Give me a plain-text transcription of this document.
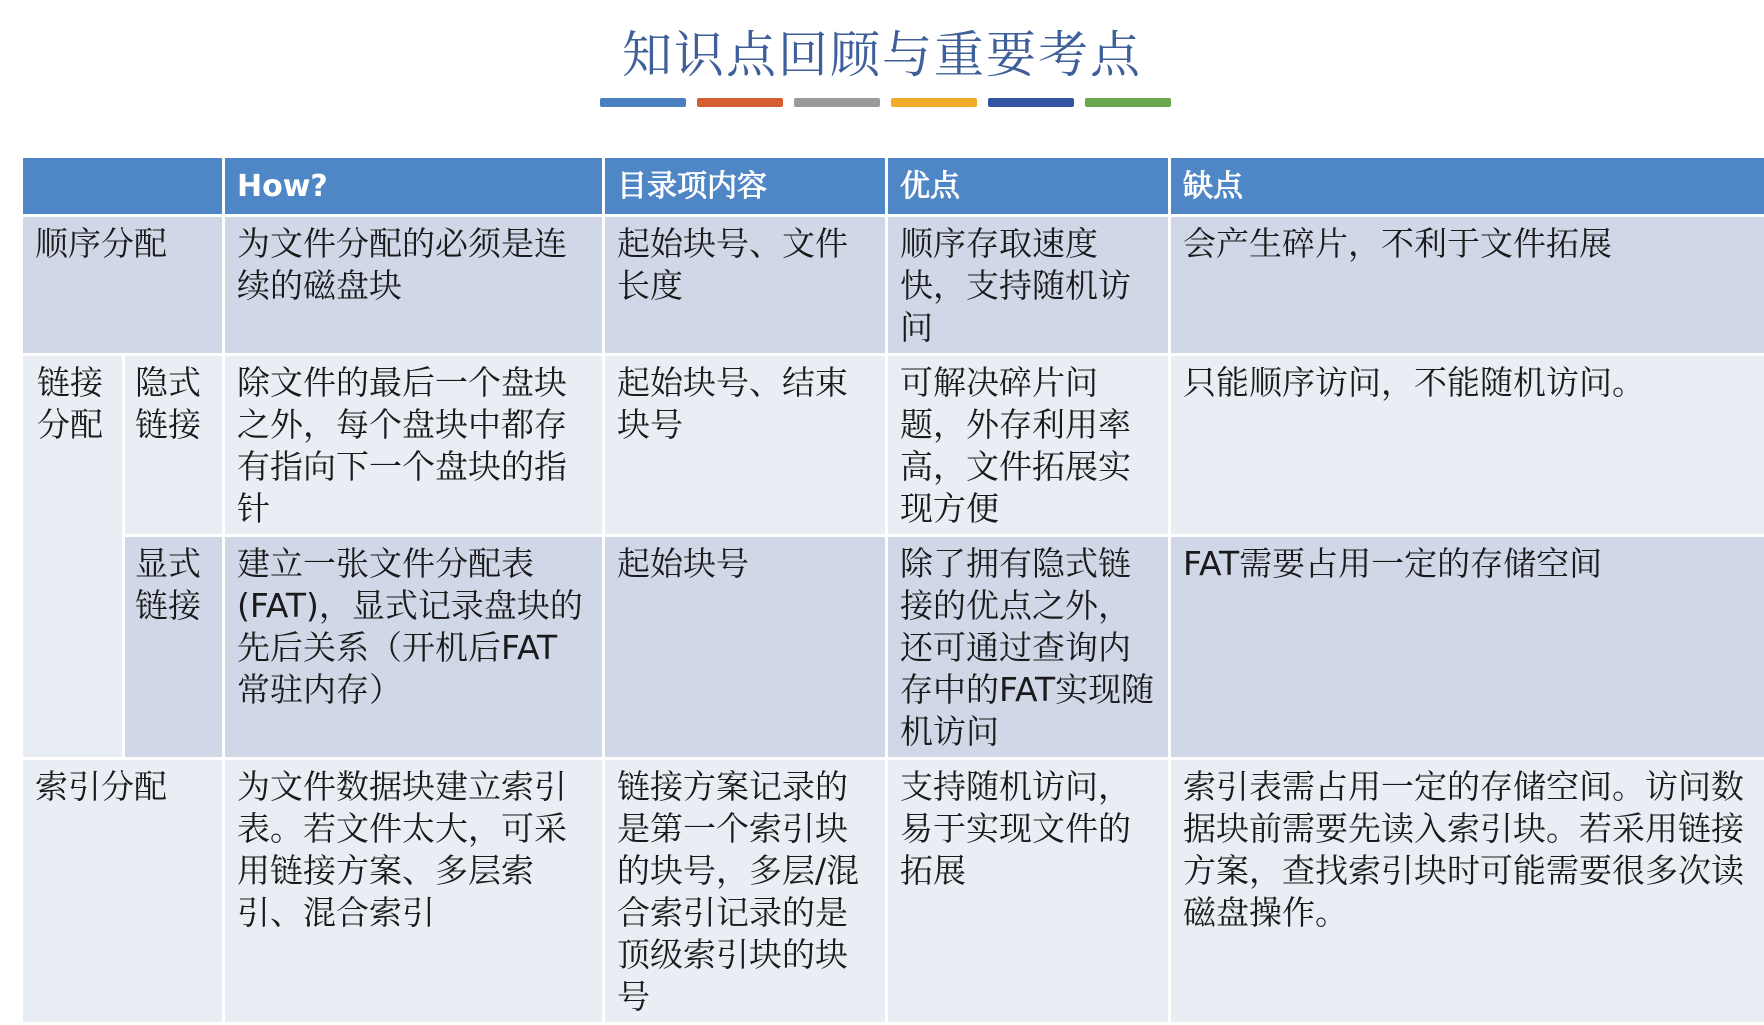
知识点回顾与重要考点
		How?	目录项内容	优点	缺点
顺序分配		为文件分配的必须是连续的磁盘块	起始块号、文件长度	顺序存取速度快，支持随机访问	会产生碎片，不利于文件拓展
链接分配	隐式链接	除文件的最后一个盘块之外，每个盘块中都存有指向下一个盘块的指针	起始块号、结束块号	可解决碎片问题，外存利用率高，文件拓展实现方便	只能顺序访问，不能随机访问。
	显式链接	建立一张文件分配表(FAT)，显式记录盘块的先后关系（开机后FAT常驻内存）	起始块号	除了拥有隐式链接的优点之外，还可通过查询内存中的FAT实现随机访问	FAT需要占用一定的存储空间
索引分配		为文件数据块建立索引表。若文件太大，可采用链接方案、多层索引、混合索引	链接方案记录的是第一个索引块的块号，多层/混合索引记录的是顶级索引块的块号	支持随机访问，易于实现文件的拓展	索引表需占用一定的存储空间。访问数据块前需要先读入索引块。若采用链接方案，查找索引块时可能需要很多次读磁盘操作。
